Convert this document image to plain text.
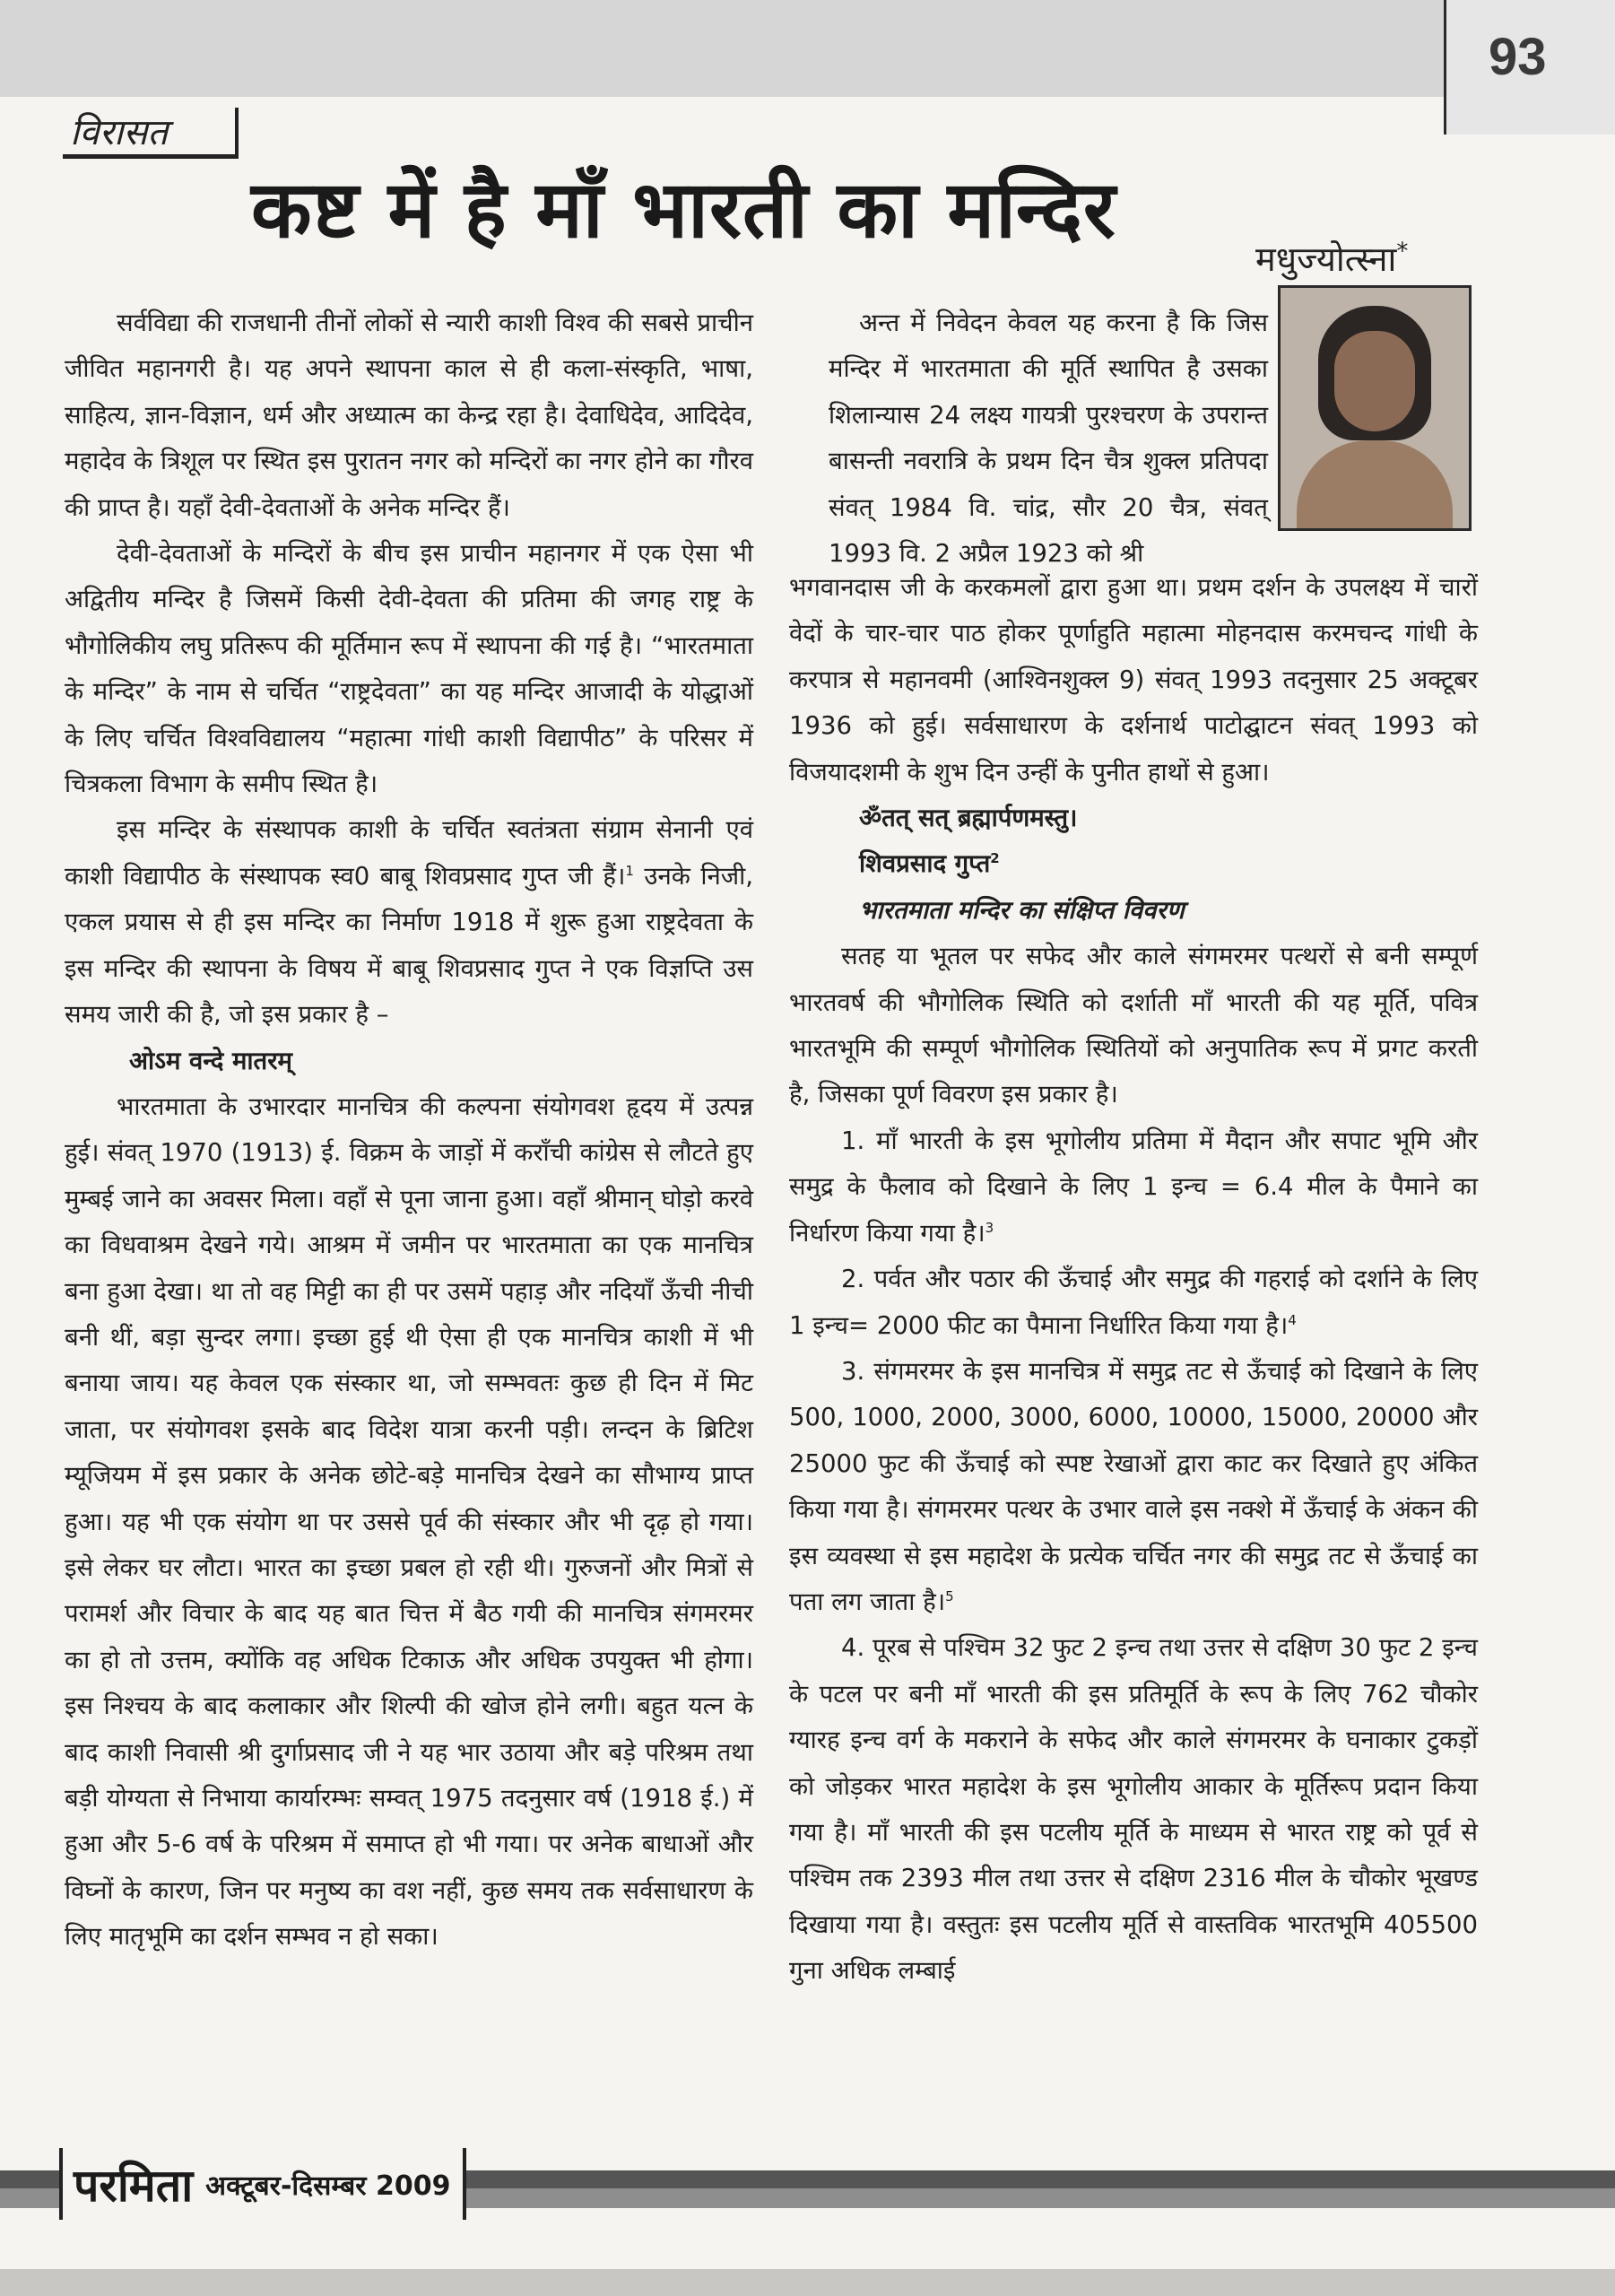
93
विरासत
कष्ट में है माँ भारती का मन्दिर
मधुज्योत्स्ना*

सर्वविद्या की राजधानी तीनों लोकों से न्यारी काशी विश्व की सबसे प्राचीन जीवित महानगरी है। यह अपने स्थापना काल से ही कला-संस्कृति, भाषा, साहित्य, ज्ञान-विज्ञान, धर्म और अध्यात्म का केन्द्र रहा है। देवाधिदेव, आदिदेव, महादेव के त्रिशूल पर स्थित इस पुरातन नगर को मन्दिरों का नगर होने का गौरव की प्राप्त है। यहाँ देवी-देवताओं के अनेक मन्दिर हैं।

देवी-देवताओं के मन्दिरों के बीच इस प्राचीन महानगर में एक ऐसा भी अद्वितीय मन्दिर है जिसमें किसी देवी-देवता की प्रतिमा की जगह राष्ट्र के भौगोलिकीय लघु प्रतिरूप की मूर्तिमान रूप में स्थापना की गई है। “भारतमाता के मन्दिर” के नाम से चर्चित “राष्ट्रदेवता” का यह मन्दिर आजादी के योद्धाओं के लिए चर्चित विश्वविद्यालय “महात्मा गांधी काशी विद्यापीठ” के परिसर में चित्रकला विभाग के समीप स्थित है।

इस मन्दिर के संस्थापक काशी के चर्चित स्वतंत्रता संग्राम सेनानी एवं काशी विद्यापीठ के संस्थापक स्व0 बाबू शिवप्रसाद गुप्त जी हैं।$^1$ उनके निजी, एकल प्रयास से ही इस मन्दिर का निर्माण 1918 में शुरू हुआ राष्ट्रदेवता के इस मन्दिर की स्थापना के विषय में बाबू शिवप्रसाद गुप्त ने एक विज्ञप्ति उस समय जारी की है, जो इस प्रकार है –

ओऽम वन्दे मातरम्

भारतमाता के उभारदार मानचित्र की कल्पना संयोगवश हृदय में उत्पन्न हुई। संवत् 1970 (1913) ई. विक्रम के जाड़ों में कराँची कांग्रेस से लौटते हुए मुम्बई जाने का अवसर मिला। वहाँ से पूना जाना हुआ। वहाँ श्रीमान् घोड़ो करवे का विधवाश्रम देखने गये। आश्रम में जमीन पर भारतमाता का एक मानचित्र बना हुआ देखा। था तो वह मिट्टी का ही पर उसमें पहाड़ और नदियाँ ऊँची नीची बनी थीं, बड़ा सुन्दर लगा। इच्छा हुई थी ऐसा ही एक मानचित्र काशी में भी बनाया जाय। यह केवल एक संस्कार था, जो सम्भवतः कुछ ही दिन में मिट जाता, पर संयोगवश इसके बाद विदेश यात्रा करनी पड़ी। लन्दन के ब्रिटिश म्यूजियम में इस प्रकार के अनेक छोटे-बड़े मानचित्र देखने का सौभाग्य प्राप्त हुआ। यह भी एक संयोग था पर उससे पूर्व की संस्कार और भी दृढ़ हो गया। इसे लेकर घर लौटा। भारत का इच्छा प्रबल हो रही थी। गुरुजनों और मित्रों से परामर्श और विचार के बाद यह बात चित्त में बैठ गयी की मानचित्र संगमरमर का हो तो उत्तम, क्योंकि वह अधिक टिकाऊ और अधिक उपयुक्त भी होगा। इस निश्चय के बाद कलाकार और शिल्पी की खोज होने लगी। बहुत यत्न के बाद काशी निवासी श्री दुर्गाप्रसाद जी ने यह भार उठाया और बड़े परिश्रम तथा बड़ी योग्यता से निभाया कार्यारम्भः सम्वत् 1975 तदनुसार वर्ष (1918 ई.) में हुआ और 5-6 वर्ष के परिश्रम में समाप्त हो भी गया। पर अनेक बाधाओं और विघ्नों के कारण, जिन पर मनुष्य का वश नहीं, कुछ समय तक सर्वसाधारण के लिए मातृभूमि का दर्शन सम्भव न हो सका।

अन्त में निवेदन केवल यह करना है कि जिस मन्दिर में भारतमाता की मूर्ति स्थापित है उसका शिलान्यास 24 लक्ष्य गायत्री पुरश्चरण के उपरान्त बासन्ती नवरात्रि के प्रथम दिन चैत्र शुक्ल प्रतिपदा संवत् 1984 वि. चांद्र, सौर 20 चैत्र, संवत् 1993 वि. 2 अप्रैल 1923 को श्री

भगवानदास जी के करकमलों द्वारा हुआ था। प्रथम दर्शन के उपलक्ष्य में चारों वेदों के चार-चार पाठ होकर पूर्णाहुति महात्मा मोहनदास करमचन्द गांधी के करपात्र से महानवमी (आश्विनशुक्ल 9) संवत् 1993 तदनुसार 25 अक्टूबर 1936 को हुई। सर्वसाधारण के दर्शनार्थ पाटोद्घाटन संवत् 1993 को विजयादशमी के शुभ दिन उन्हीं के पुनीत हाथों से हुआ।

ॐतत् सत् ब्रह्मार्पणमस्तु।

शिवप्रसाद गुप्त$^2$

भारतमाता मन्दिर का संक्षिप्त विवरण

सतह या भूतल पर सफेद और काले संगमरमर पत्थरों से बनी सम्पूर्ण भारतवर्ष की भौगोलिक स्थिति को दर्शाती माँ भारती की यह मूर्ति, पवित्र भारतभूमि की सम्पूर्ण भौगोलिक स्थितियों को अनुपातिक रूप में प्रगट करती है, जिसका पूर्ण विवरण इस प्रकार है।

1. माँ भारती के इस भूगोलीय प्रतिमा में मैदान और सपाट भूमि और समुद्र के फैलाव को दिखाने के लिए 1 इन्च = 6.4 मील के पैमाने का निर्धारण किया गया है।$^3$

2. पर्वत और पठार की ऊँचाई और समुद्र की गहराई को दर्शाने के लिए 1 इन्च= 2000 फीट का पैमाना निर्धारित किया गया है।$^4$

3. संगमरमर के इस मानचित्र में समुद्र तट से ऊँचाई को दिखाने के लिए 500, 1000, 2000, 3000, 6000, 10000, 15000, 20000 और 25000 फुट की ऊँचाई को स्पष्ट रेखाओं द्वारा काट कर दिखाते हुए अंकित किया गया है। संगमरमर पत्थर के उभार वाले इस नक्शे में ऊँचाई के अंकन की इस व्यवस्था से इस महादेश के प्रत्येक चर्चित नगर की समुद्र तट से ऊँचाई का पता लग जाता है।$^5$

4. पूरब से पश्चिम 32 फुट 2 इन्च तथा उत्तर से दक्षिण 30 फुट 2 इन्च के पटल पर बनी माँ भारती की इस प्रतिमूर्ति के रूप के लिए 762 चौकोर ग्यारह इन्च वर्ग के मकराने के सफेद और काले संगमरमर के घनाकार टुकड़ों को जोड़कर भारत महादेश के इस भूगोलीय आकार के मूर्तिरूप प्रदान किया गया है। माँ भारती की इस पटलीय मूर्ति के माध्यम से भारत राष्ट्र को पूर्व से पश्चिम तक 2393 मील तथा उत्तर से दक्षिण 2316 मील के चौकोर भूखण्ड दिखाया गया है। वस्तुतः इस पटलीय मूर्ति से वास्तविक भारतभूमि 405500 गुना अधिक लम्बाई

परमिता अक्टूबर-दिसम्बर 2009
